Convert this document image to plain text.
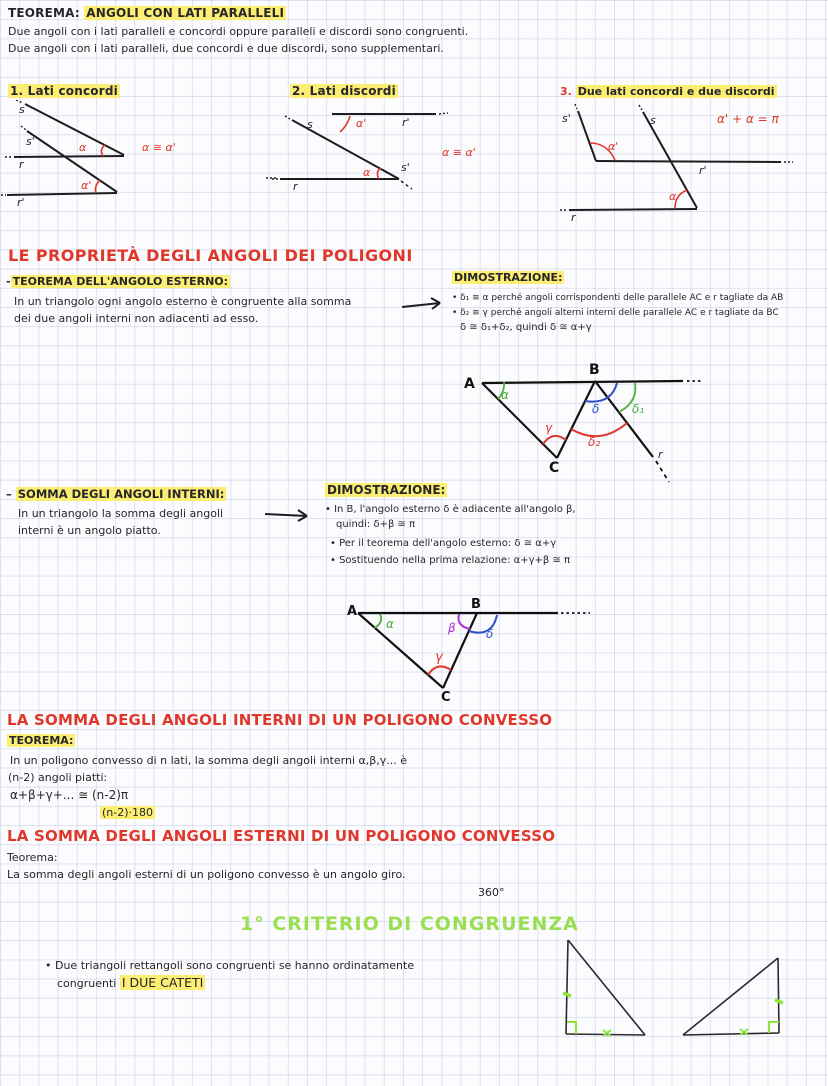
TEOREMA: ANGOLI CON LATI PARALLELI
Due angoli con i lati paralleli e concordi oppure paralleli e discordi sono congruenti.
Due angoli con i lati paralleli, due concordi e due discordi, sono supplementari.
1. Lati concordi	2. Lati discordi	3. Due lati concordi e due discordi
s
s'
r
r'
α
α'
α ≅ α'
s
s'
r'
r
α'
α
α ≅ α'
s'	s
r'
r
α'
α
α' + α = π
LE PROPRIETÀ DEGLI ANGOLI DEI POLIGONI
- TEOREMA DELL'ANGOLO ESTERNO:
In un triangolo ogni angolo esterno è congruente alla somma
dei due angoli interni non adiacenti ad esso.
DIMOSTRAZIONE:
• δ₁ ≅ α perché angoli corrispondenti delle parallele AC e r tagliate da AB
• δ₂ ≅ γ perché angoli alterni interni delle parallele AC e r tagliate da BC
δ ≅ δ₁+δ₂, quindi δ ≅ α+γ
A
B
C
r
α
δ	δ₁
δ₂
γ
– SOMMA DEGLI ANGOLI INTERNI:
In un triangolo la somma degli angoli
interni è un angolo piatto.
DIMOSTRAZIONE:
• In B, l'angolo esterno δ è adiacente all'angolo β,
quindi: δ+β ≅ π
• Per il teorema dell'angolo esterno: δ ≅ α+γ
• Sostituendo nella prima relazione: α+γ+β ≅ π
A	B
C
α	β	δ
γ
LA SOMMA DEGLI ANGOLI INTERNI DI UN POLIGONO CONVESSO
TEOREMA:
In un poligono convesso di n lati, la somma degli angoli interni α,β,γ... è
(n-2) angoli piatti:
α+β+γ+... ≅ (n-2)π
(n-2)·180
LA SOMMA DEGLI ANGOLI ESTERNI DI UN POLIGONO CONVESSO
Teorema:
La somma degli angoli esterni di un poligono convesso è un angolo giro.
360°
1° CRITERIO DI CONGRUENZA
• Due triangoli rettangoli sono congruenti se hanno ordinatamente
congruenti I DUE CATETI
